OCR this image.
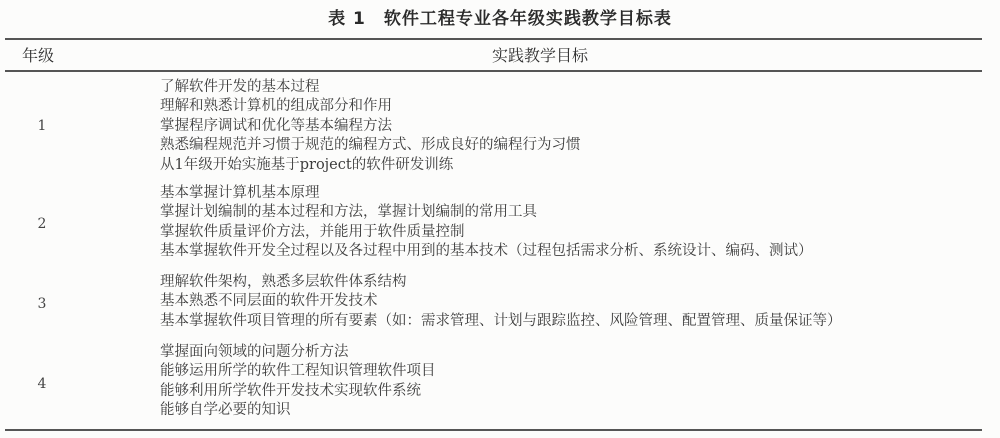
表 1 软件工程专业各年级实践教学目标表
年级	实践教学目标
1
了解软件开发的基本过程
理解和熟悉计算机的组成部分和作用
掌握程序调试和优化等基本编程方法
熟悉编程规范并习惯于规范的编程方式、形成良好的编程行为习惯
从1年级开始实施基于project的软件研发训练
2
基本掌握计算机基本原理
掌握计划编制的基本过程和方法，掌握计划编制的常用工具
掌握软件质量评价方法，并能用于软件质量控制
基本掌握软件开发全过程以及各过程中用到的基本技术（过程包括需求分析、系统设计、编码、测试）
3
理解软件架构，熟悉多层软件体系结构
基本熟悉不同层面的软件开发技术
基本掌握软件项目管理的所有要素（如：需求管理、计划与跟踪监控、风险管理、配置管理、质量保证等）
4
掌握面向领域的问题分析方法
能够运用所学的软件工程知识管理软件项目
能够利用所学软件开发技术实现软件系统
能够自学必要的知识
